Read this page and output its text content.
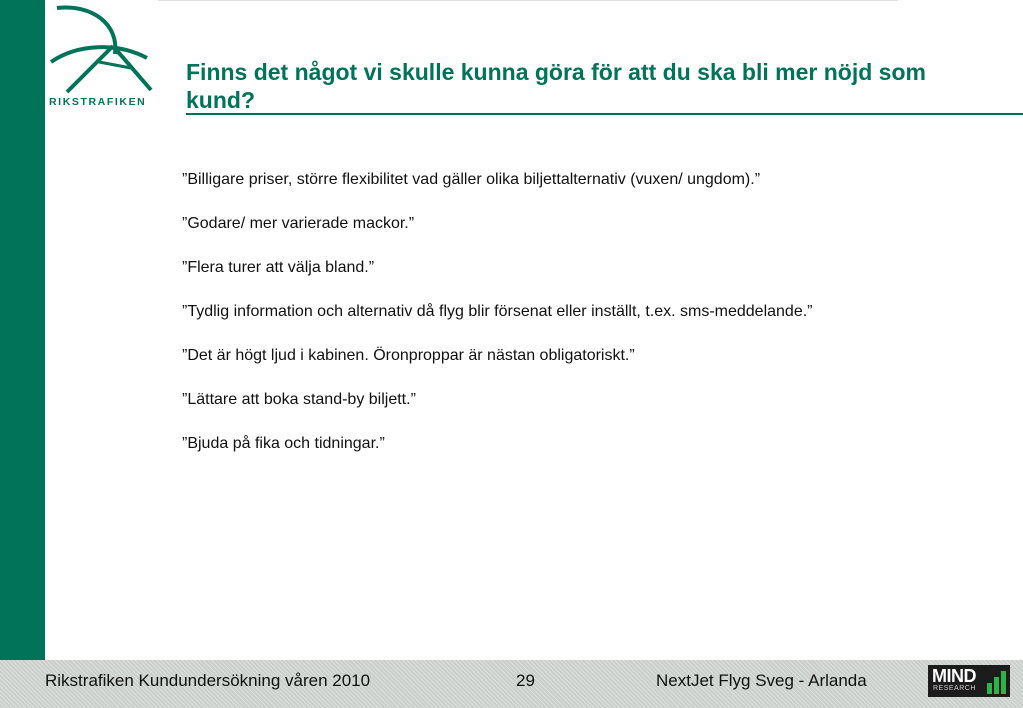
RIKSTRAFIKEN
Finns det något vi skulle kunna göra för att du ska bli mer nöjd som kund?
”Billigare priser, större flexibilitet vad gäller olika biljettalternativ (vuxen/ ungdom).”
”Godare/ mer varierade mackor.”
”Flera turer att välja bland.”
”Tydlig information och alternativ då flyg blir försenat eller inställt, t.ex. sms-meddelande.”
”Det är högt ljud i kabinen. Öronproppar är nästan obligatoriskt.”
”Lättare att boka stand-by biljett.”
”Bjuda på fika och tidningar.”
Rikstrafiken Kundundersökning våren 2010	29	NextJet Flyg Sveg - Arlanda	MIND
RESEARCH
